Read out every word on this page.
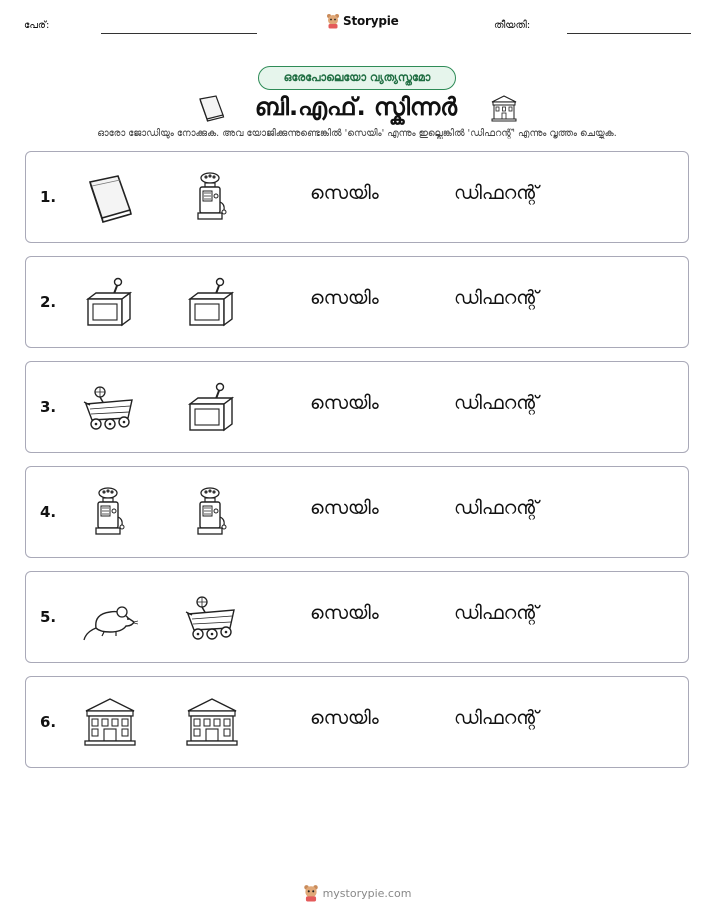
പേര്:	Storypie	തീയതി:
ഒരേപോലെയോ വ്യത്യസ്തമോ
ബി.എഫ്. സ്കിന്നർ
ഓരോ ജോഡിയും നോക്കുക. അവ യോജിക്കുന്നുണ്ടെങ്കിൽ 'സെയിം' എന്നും ഇല്ലെങ്കിൽ 'ഡിഫറന്റ്' എന്നും വൃത്തം ചെയ്യുക.
1.	സെയിം	ഡിഫറന്റ്
2.	സെയിം	ഡിഫറന്റ്
3.	സെയിം	ഡിഫറന്റ്
4.	സെയിം	ഡിഫറന്റ്
5.	സെയിം	ഡിഫറന്റ്
6.	സെയിം	ഡിഫറന്റ്
mystorypie.com
